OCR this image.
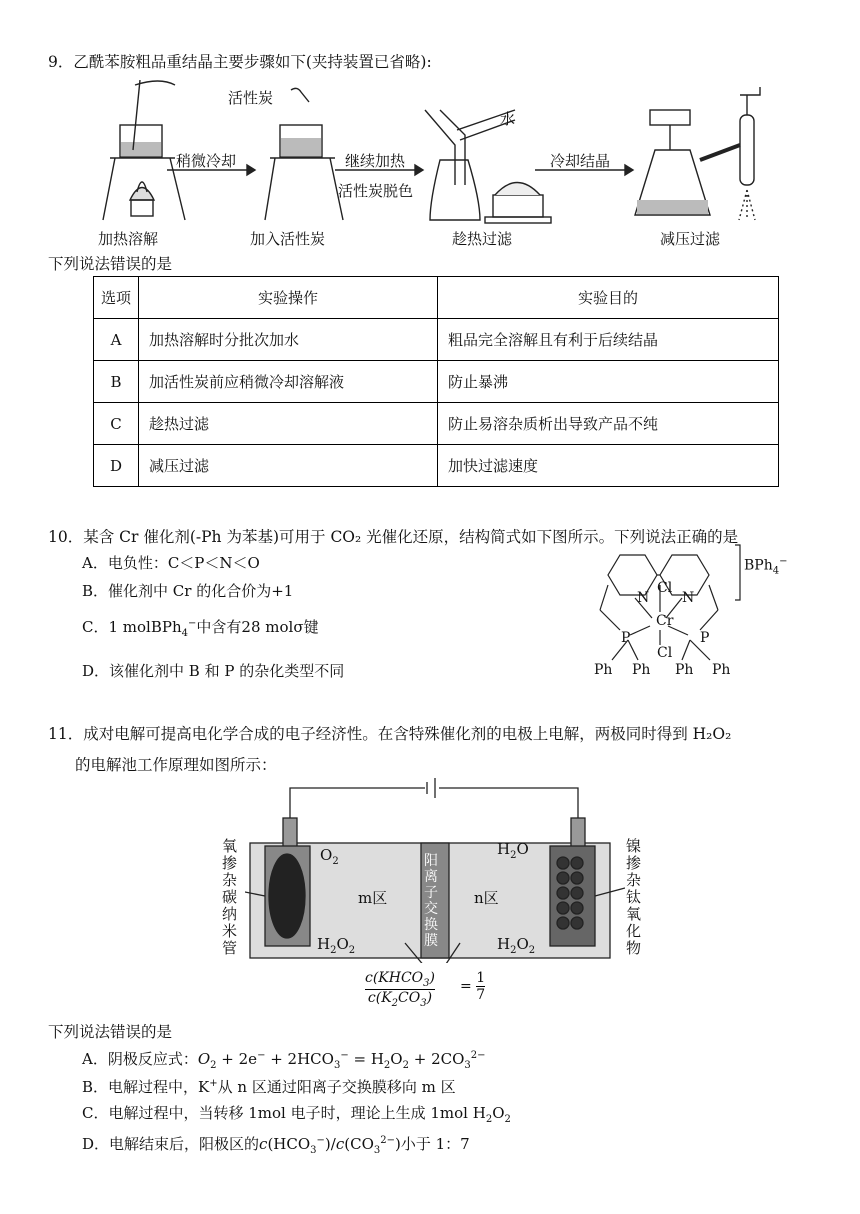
9．乙酰苯胺粗品重结晶主要步骤如下(夹持装置已省略):
活性炭
水
稍微冷却	继续加热
活性炭脱色
冷却结晶
加热溶解	加入活性炭	趁热过滤	减压过滤
下列说法错误的是
选项	实验操作	实验目的
A	加热溶解时分批次加水	粗品完全溶解且有利于后续结晶
B	加活性炭前应稍微冷却溶解液	防止暴沸
C	趁热过滤	防止易溶杂质析出导致产品不纯
D	减压过滤	加快过滤速度
10．某含 Cr 催化剂(-Ph 为苯基)可用于 CO₂ 光催化还原，结构简式如下图所示。下列说法正确的是
A．电负性：C＜P＜N＜O
B．催化剂中 Cr 的化合价为+1
C．1 molBPh$_4$−中含有28 molσ键
D．该催化剂中 B 和 P 的杂化类型不同
N N
Cl
Cr
Cl
P	P
Ph Ph Ph Ph
BPh$_4$−
11．成对电解可提高电化学合成的电子经济性。在含特殊催化剂的电极上电解，两极同时得到 H₂O₂
的电解池工作原理如图所示：
氧掺杂碳纳米管
镍掺杂钛氧化物
阳离子交换膜
m区	n区
$O_2$
$H_2O_2$
$H_2O$
$H_2O_2$
$c(KHCO_3)$
$c(K_2CO_3)$
= $\frac{1}{7}$
下列说法错误的是
A．阴极反应式：$O_2 + 2e^- + 2HCO_3^- = H_2O_2 + 2CO_3^{2-}$
B．电解过程中，K+从 n 区通过阳离子交换膜移向 m 区
C．电解过程中，当转移 1mol 电子时，理论上生成 1mol $H_2O_2$
D．电解结束后，阳极区的$c(HCO_3^-)/c(CO_3^{2-})$小于 1：7
